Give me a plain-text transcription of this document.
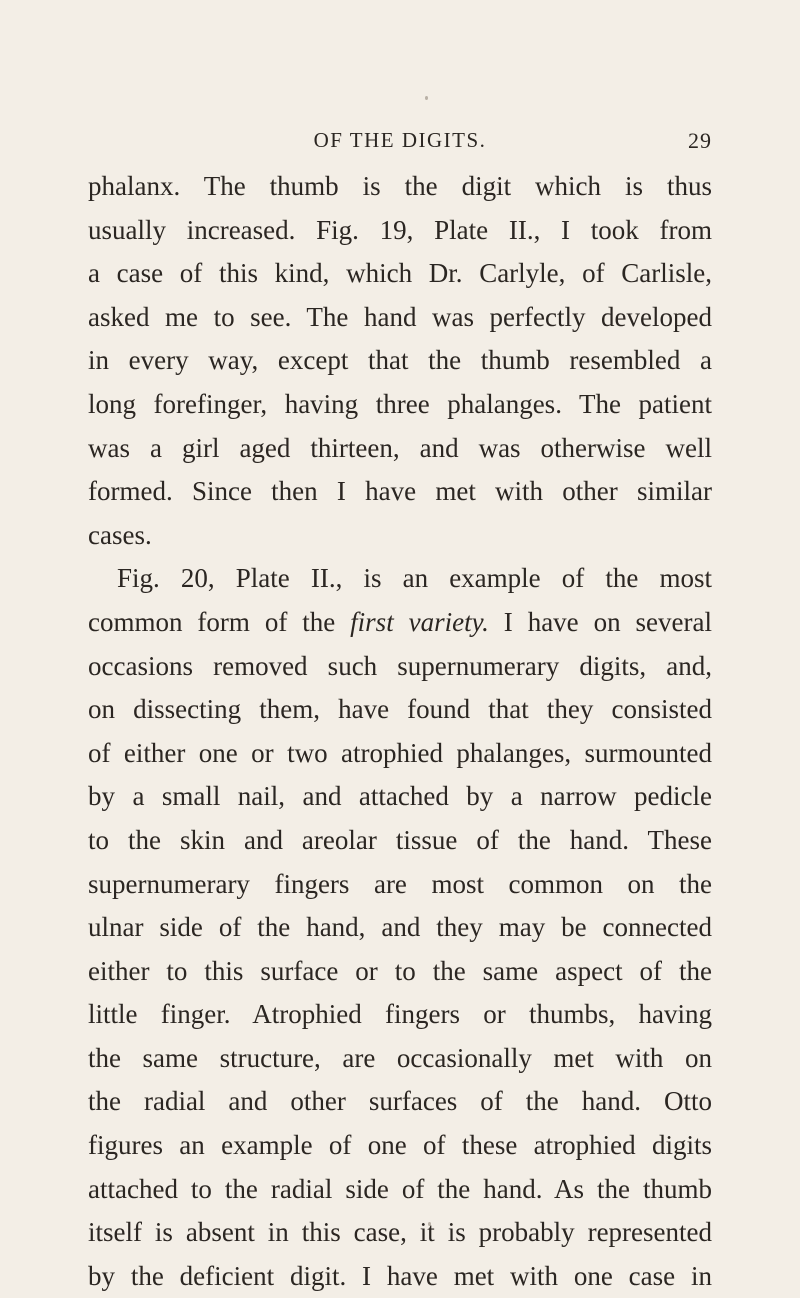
OF THE DIGITS.	29
phalanx. The thumb is the digit which is thus
usually increased. Fig. 19, Plate II., I took from
a case of this kind, which Dr. Carlyle, of Carlisle,
asked me to see. The hand was perfectly developed
in every way, except that the thumb resembled a
long forefinger, having three phalanges. The patient
was a girl aged thirteen, and was otherwise well
formed. Since then I have met with other similar
cases.
Fig. 20, Plate II., is an example of the most
common form of the first variety. I have on several
occasions removed such supernumerary digits, and,
on dissecting them, have found that they consisted
of either one or two atrophied phalanges, surmounted
by a small nail, and attached by a narrow pedicle
to the skin and areolar tissue of the hand. These
supernumerary fingers are most common on the
ulnar side of the hand, and they may be connected
either to this surface or to the same aspect of the
little finger. Atrophied fingers or thumbs, having
the same structure, are occasionally met with on
the radial and other surfaces of the hand. Otto
figures an example of one of these atrophied digits
attached to the radial side of the hand. As the thumb
itself is absent in this case, it is probably represented
by the deficient digit. I have met with one case in
